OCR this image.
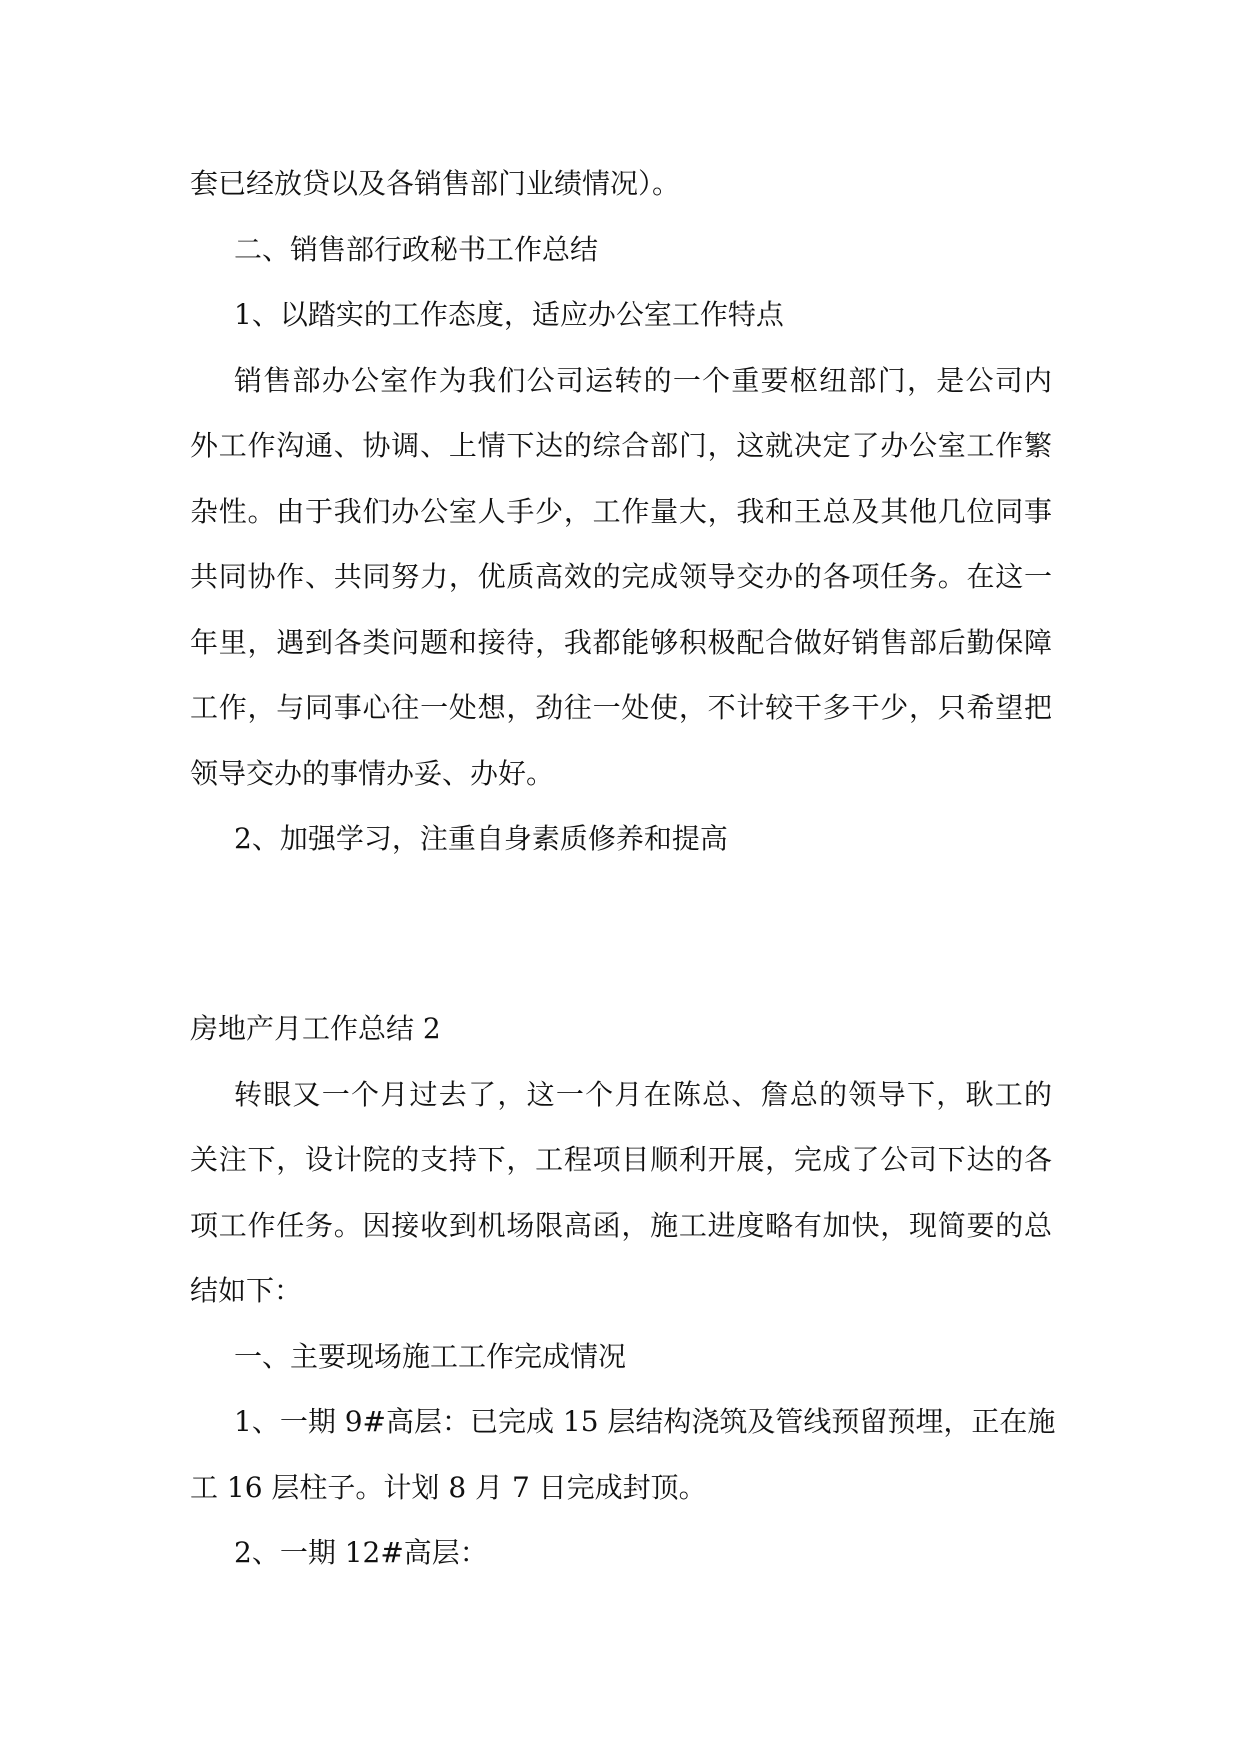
套已经放贷以及各销售部门业绩情况）。
二、销售部行政秘书工作总结
1、以踏实的工作态度，适应办公室工作特点
销售部办公室作为我们公司运转的一个重要枢纽部门，是公司内
外工作沟通、协调、上情下达的综合部门，这就决定了办公室工作繁
杂性。由于我们办公室人手少，工作量大，我和王总及其他几位同事
共同协作、共同努力，优质高效的完成领导交办的各项任务。在这一
年里，遇到各类问题和接待，我都能够积极配合做好销售部后勤保障
工作，与同事心往一处想，劲往一处使，不计较干多干少，只希望把
领导交办的事情办妥、办好。
2、加强学习，注重自身素质修养和提高
房地产月工作总结 2
转眼又一个月过去了，这一个月在陈总、詹总的领导下，耿工的
关注下，设计院的支持下，工程项目顺利开展，完成了公司下达的各
项工作任务。因接收到机场限高函，施工进度略有加快，现简要的总
结如下：
一、主要现场施工工作完成情况
1、一期 9#高层：已完成 15 层结构浇筑及管线预留预埋，正在施
工 16 层柱子。计划 8 月 7 日完成封顶。
2、一期 12#高层：
